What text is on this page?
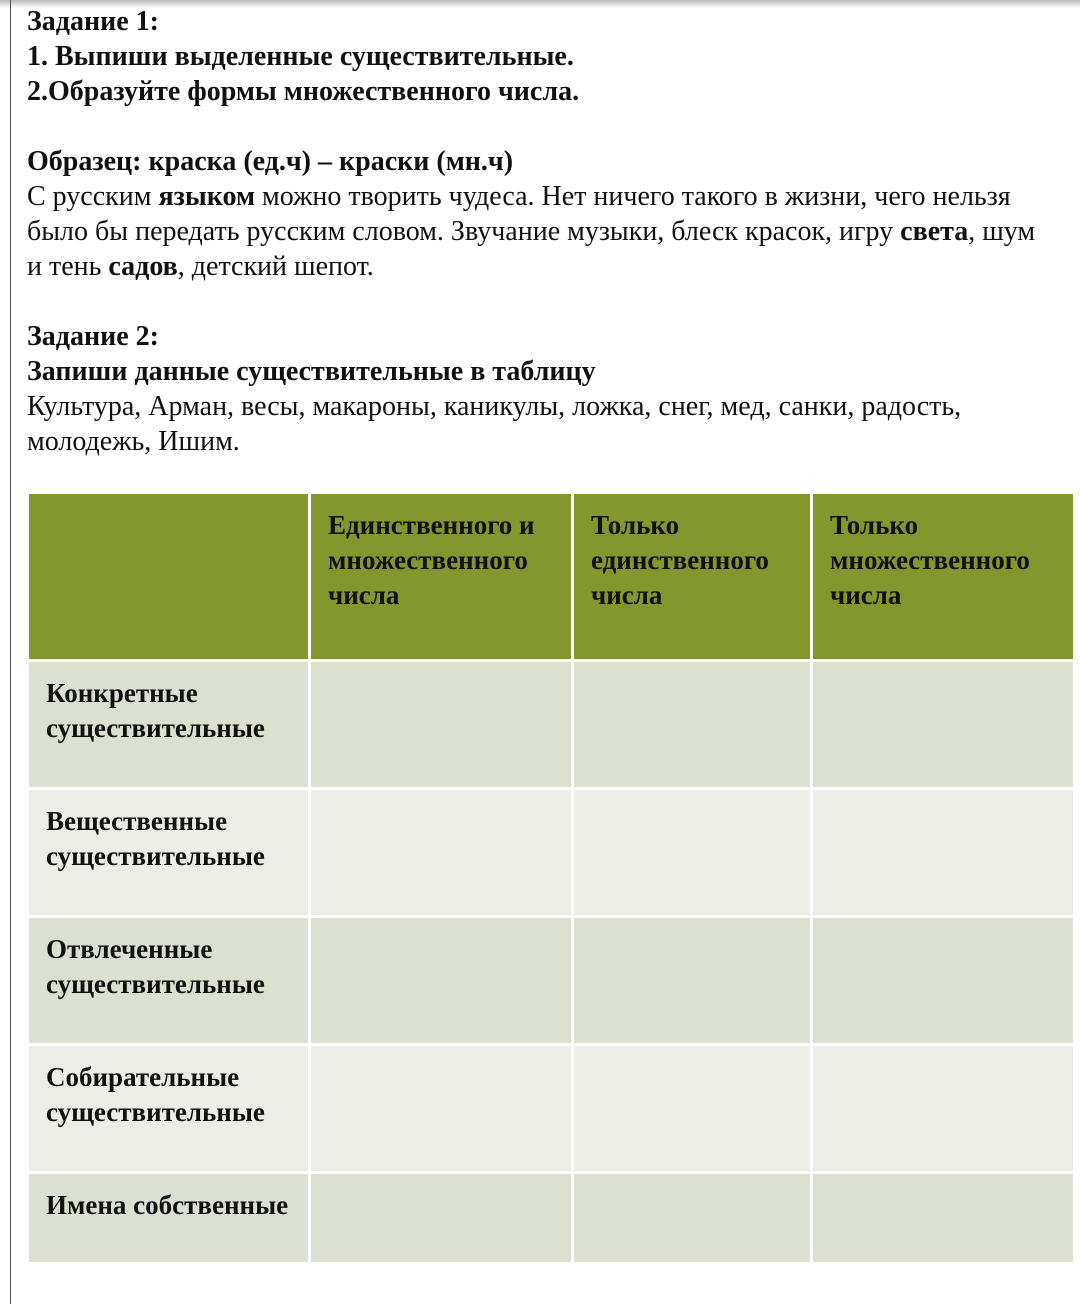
Задание 1:

1. Выпиши выделенные существительные.

2.Образуйте формы множественного числа.

Образец: краска (ед.ч) – краски (мн.ч)

С русским языком можно творить чудеса. Нет ничего такого в жизни, чего нельзя было бы передать русским словом. Звучание музыки, блеск красок, игру света, шум и тень садов, детский шепот.

Задание 2:

Запиши данные существительные в таблицу

Культура, Арман, весы, макароны, каникулы, ложка, снег, мед, санки, радость, молодежь, Ишим.

	Единственного и множественного числа	Только единственного числа	Только множественного числа
Конкретные существительные			
Вещественные существительные			
Отвлеченные существительные			
Собирательные существительные			
Имена собственные			
